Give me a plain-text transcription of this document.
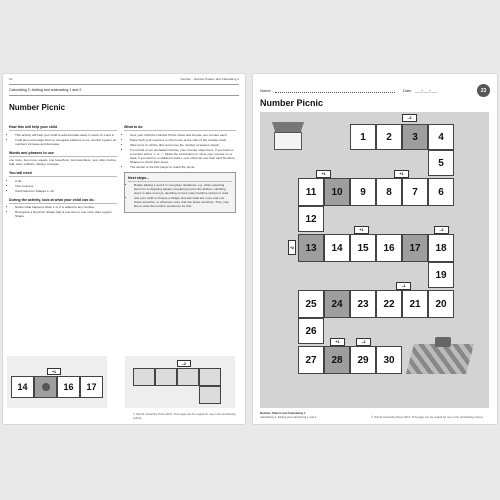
10	Number - Number Pattern and Calculating 1
Calculating 2: Adding and subtracting 1 and 2
Number Picnic
How this will help your child
• This activity will help your child to add and take away in steps of 1 and 2.
• It will also encourage them to recognise patterns in our number system as numbers increase and decrease.
Words and phrases to use

one more, two more, equals, one fewer/less, two fewer/less, next, after, before, add, total, subtract, always, because

You will need
• A die
• Two counters
• Card Numicon Shapes 1–10
During the activity, look at what your child can do.
• Notice what happens when 1 or 2 is added to any number.
• Recognise a Numicon Shape that is one less or one more than a given Shape.
What to do
• Give your child the Number Picnic sheet and choose one counter each.
• Place both your counters on the house at the start of the number track.
• Take turns to roll the dice and move the number of spaces shown.
• If you land on an unshaded number, your counter stays there. If you land on a number with a '+' or '–', follow the instructions to move your counter on or back. If you land on a shaded number, your child can use their card Numicon Shapes to check their steps.
• The winner is the first player to reach the picnic.
Next steps...
• Relate adding 1 and 2 in 'everyday' situations, e.g. when selecting items for a shopping basket, preparing food in the kitchen, climbing steps to take out toys, deciding on how many bedtime stories to read.
• Ask your child to choose a Shape and ask what are more and one fewer would be, or what two more and two fewer would be. They may like to write the number sentences for this.
+1
14	16	17
–2
© Oxford University Press 2014. This page can be copied for use in the purchasing school.
Name	Date ___/___/___	23
Number Picnic
–2
1	2	3	4
5
+1	+1
11	10	9	8	7	6
12
+2
+1	–2
13	14	15	16	17	18
19
–1
25	24	23	22	21	20
26
+1	–2
27	28	29	30
Number, Pattern and Calculating 1
Calculating 2: Adding and subtracting 1 and 2	© Oxford University Press 2014. This page can be copied for use in the purchasing school.
